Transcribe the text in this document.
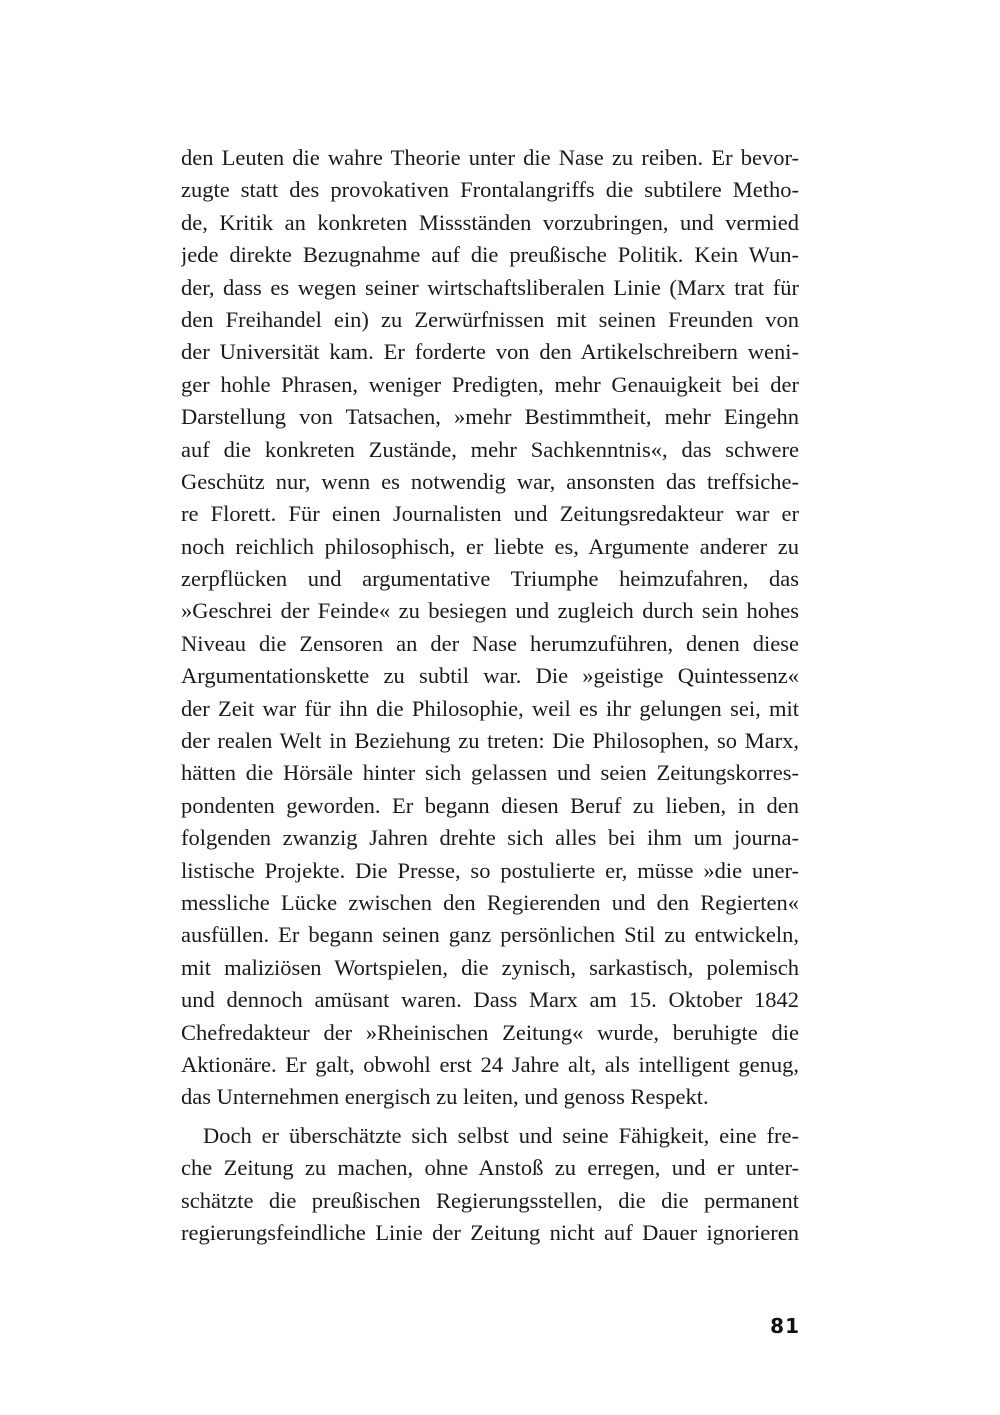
den Leuten die wahre Theorie unter die Nase zu reiben. Er bevor-
zugte statt des provokativen Frontalangriffs die subtilere Metho-
de, Kritik an konkreten Missständen vorzubringen, und vermied
jede direkte Bezugnahme auf die preußische Politik. Kein Wun-
der, dass es wegen seiner wirtschaftsliberalen Linie (Marx trat für
den Freihandel ein) zu Zerwürfnissen mit seinen Freunden von
der Universität kam. Er forderte von den Artikelschreibern weni-
ger hohle Phrasen, weniger Predigten, mehr Genauigkeit bei der
Darstellung von Tatsachen, »mehr Bestimmtheit, mehr Eingehn
auf die konkreten Zustände, mehr Sachkenntnis«, das schwere
Geschütz nur, wenn es notwendig war, ansonsten das treffsiche-
re Florett. Für einen Journalisten und Zeitungsredakteur war er
noch reichlich philosophisch, er liebte es, Argumente anderer zu
zerpflücken und argumentative Triumphe heimzufahren, das
»Geschrei der Feinde« zu besiegen und zugleich durch sein hohes
Niveau die Zensoren an der Nase herumzuführen, denen diese
Argumentationskette zu subtil war. Die »geistige Quintessenz«
der Zeit war für ihn die Philosophie, weil es ihr gelungen sei, mit
der realen Welt in Beziehung zu treten: Die Philosophen, so Marx,
hätten die Hörsäle hinter sich gelassen und seien Zeitungskorres-
pondenten geworden. Er begann diesen Beruf zu lieben, in den
folgenden zwanzig Jahren drehte sich alles bei ihm um journa-
listische Projekte. Die Presse, so postulierte er, müsse »die uner-
messliche Lücke zwischen den Regierenden und den Regierten«
ausfüllen. Er begann seinen ganz persönlichen Stil zu entwickeln,
mit maliziösen Wortspielen, die zynisch, sarkastisch, polemisch
und dennoch amüsant waren. Dass Marx am 15. Oktober 1842
Chefredakteur der »Rheinischen Zeitung« wurde, beruhigte die
Aktionäre. Er galt, obwohl erst 24 Jahre alt, als intelligent genug,
das Unternehmen energisch zu leiten, und genoss Respekt.
Doch er überschätzte sich selbst und seine Fähigkeit, eine fre-
che Zeitung zu machen, ohne Anstoß zu erregen, und er unter-
schätzte die preußischen Regierungsstellen, die die permanent
regierungsfeindliche Linie der Zeitung nicht auf Dauer ignorieren
81
